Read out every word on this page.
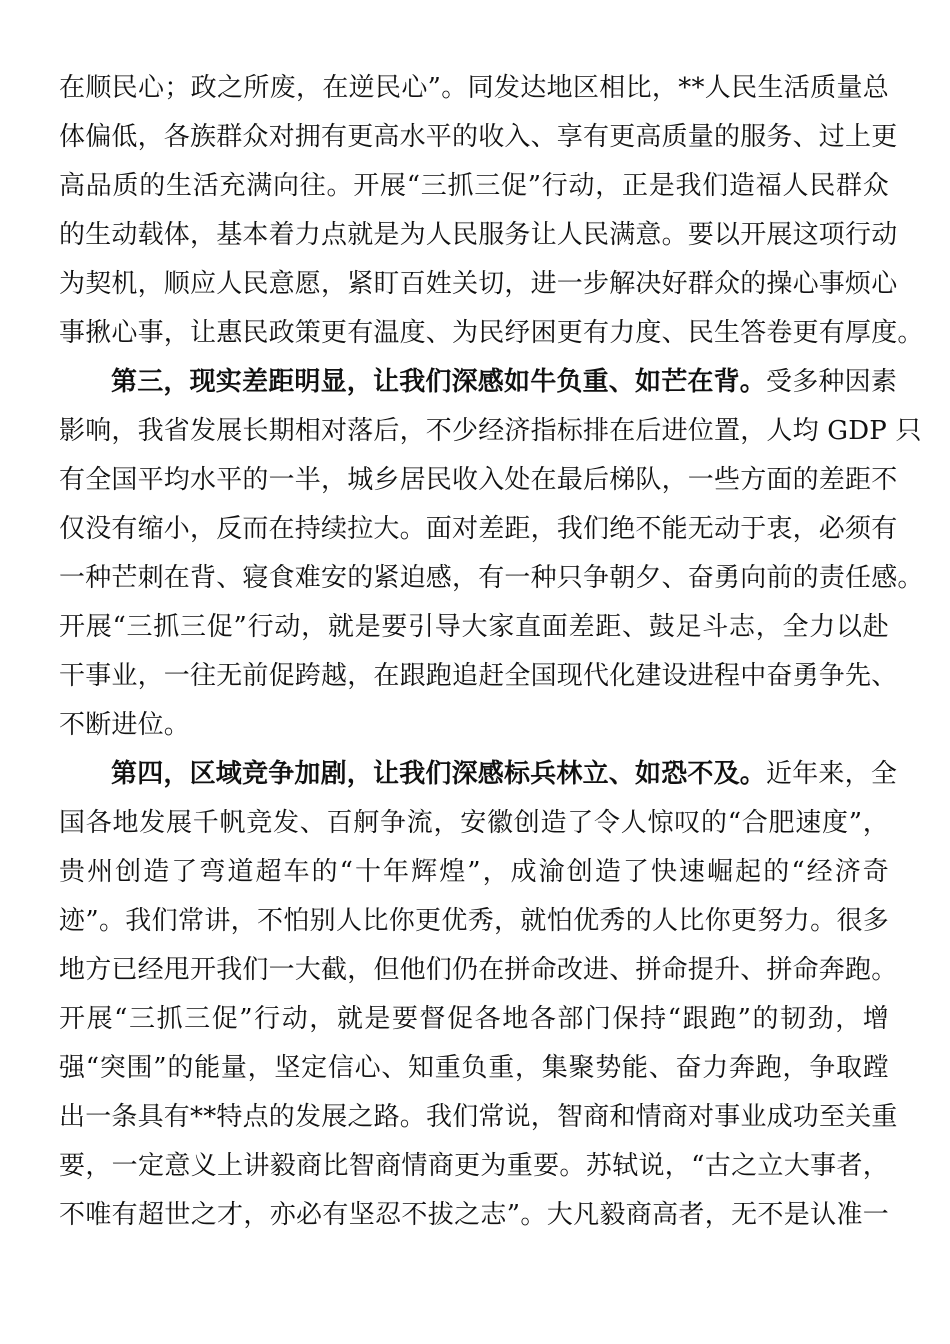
在顺民心；政之所废，在逆民心”。同发达地区相比，**人民生活质量总
体偏低，各族群众对拥有更高水平的收入、享有更高质量的服务、过上更
高品质的生活充满向往。开展“三抓三促”行动，正是我们造福人民群众
的生动载体，基本着力点就是为人民服务让人民满意。要以开展这项行动
为契机，顺应人民意愿，紧盯百姓关切，进一步解决好群众的操心事烦心
事揪心事，让惠民政策更有温度、为民纾困更有力度、民生答卷更有厚度。
第三，现实差距明显，让我们深感如牛负重、如芒在背。受多种因素
影响，我省发展长期相对落后，不少经济指标排在后进位置，人均 GDP 只
有全国平均水平的一半，城乡居民收入处在最后梯队，一些方面的差距不
仅没有缩小，反而在持续拉大。面对差距，我们绝不能无动于衷，必须有
一种芒刺在背、寝食难安的紧迫感，有一种只争朝夕、奋勇向前的责任感。
开展“三抓三促”行动，就是要引导大家直面差距、鼓足斗志，全力以赴
干事业，一往无前促跨越，在跟跑追赶全国现代化建设进程中奋勇争先、
不断进位。
第四，区域竞争加剧，让我们深感标兵林立、如恐不及。近年来，全
国各地发展千帆竞发、百舸争流，安徽创造了令人惊叹的“合肥速度”，
贵州创造了弯道超车的“十年辉煌”，成渝创造了快速崛起的“经济奇
迹”。我们常讲，不怕别人比你更优秀，就怕优秀的人比你更努力。很多
地方已经甩开我们一大截，但他们仍在拼命改进、拼命提升、拼命奔跑。
开展“三抓三促”行动，就是要督促各地各部门保持“跟跑”的韧劲，增
强“突围”的能量，坚定信心、知重负重，集聚势能、奋力奔跑，争取蹚
出一条具有**特点的发展之路。我们常说，智商和情商对事业成功至关重
要，一定意义上讲毅商比智商情商更为重要。苏轼说，“古之立大事者，
不唯有超世之才，亦必有坚忍不拔之志”。大凡毅商高者，无不是认准一
